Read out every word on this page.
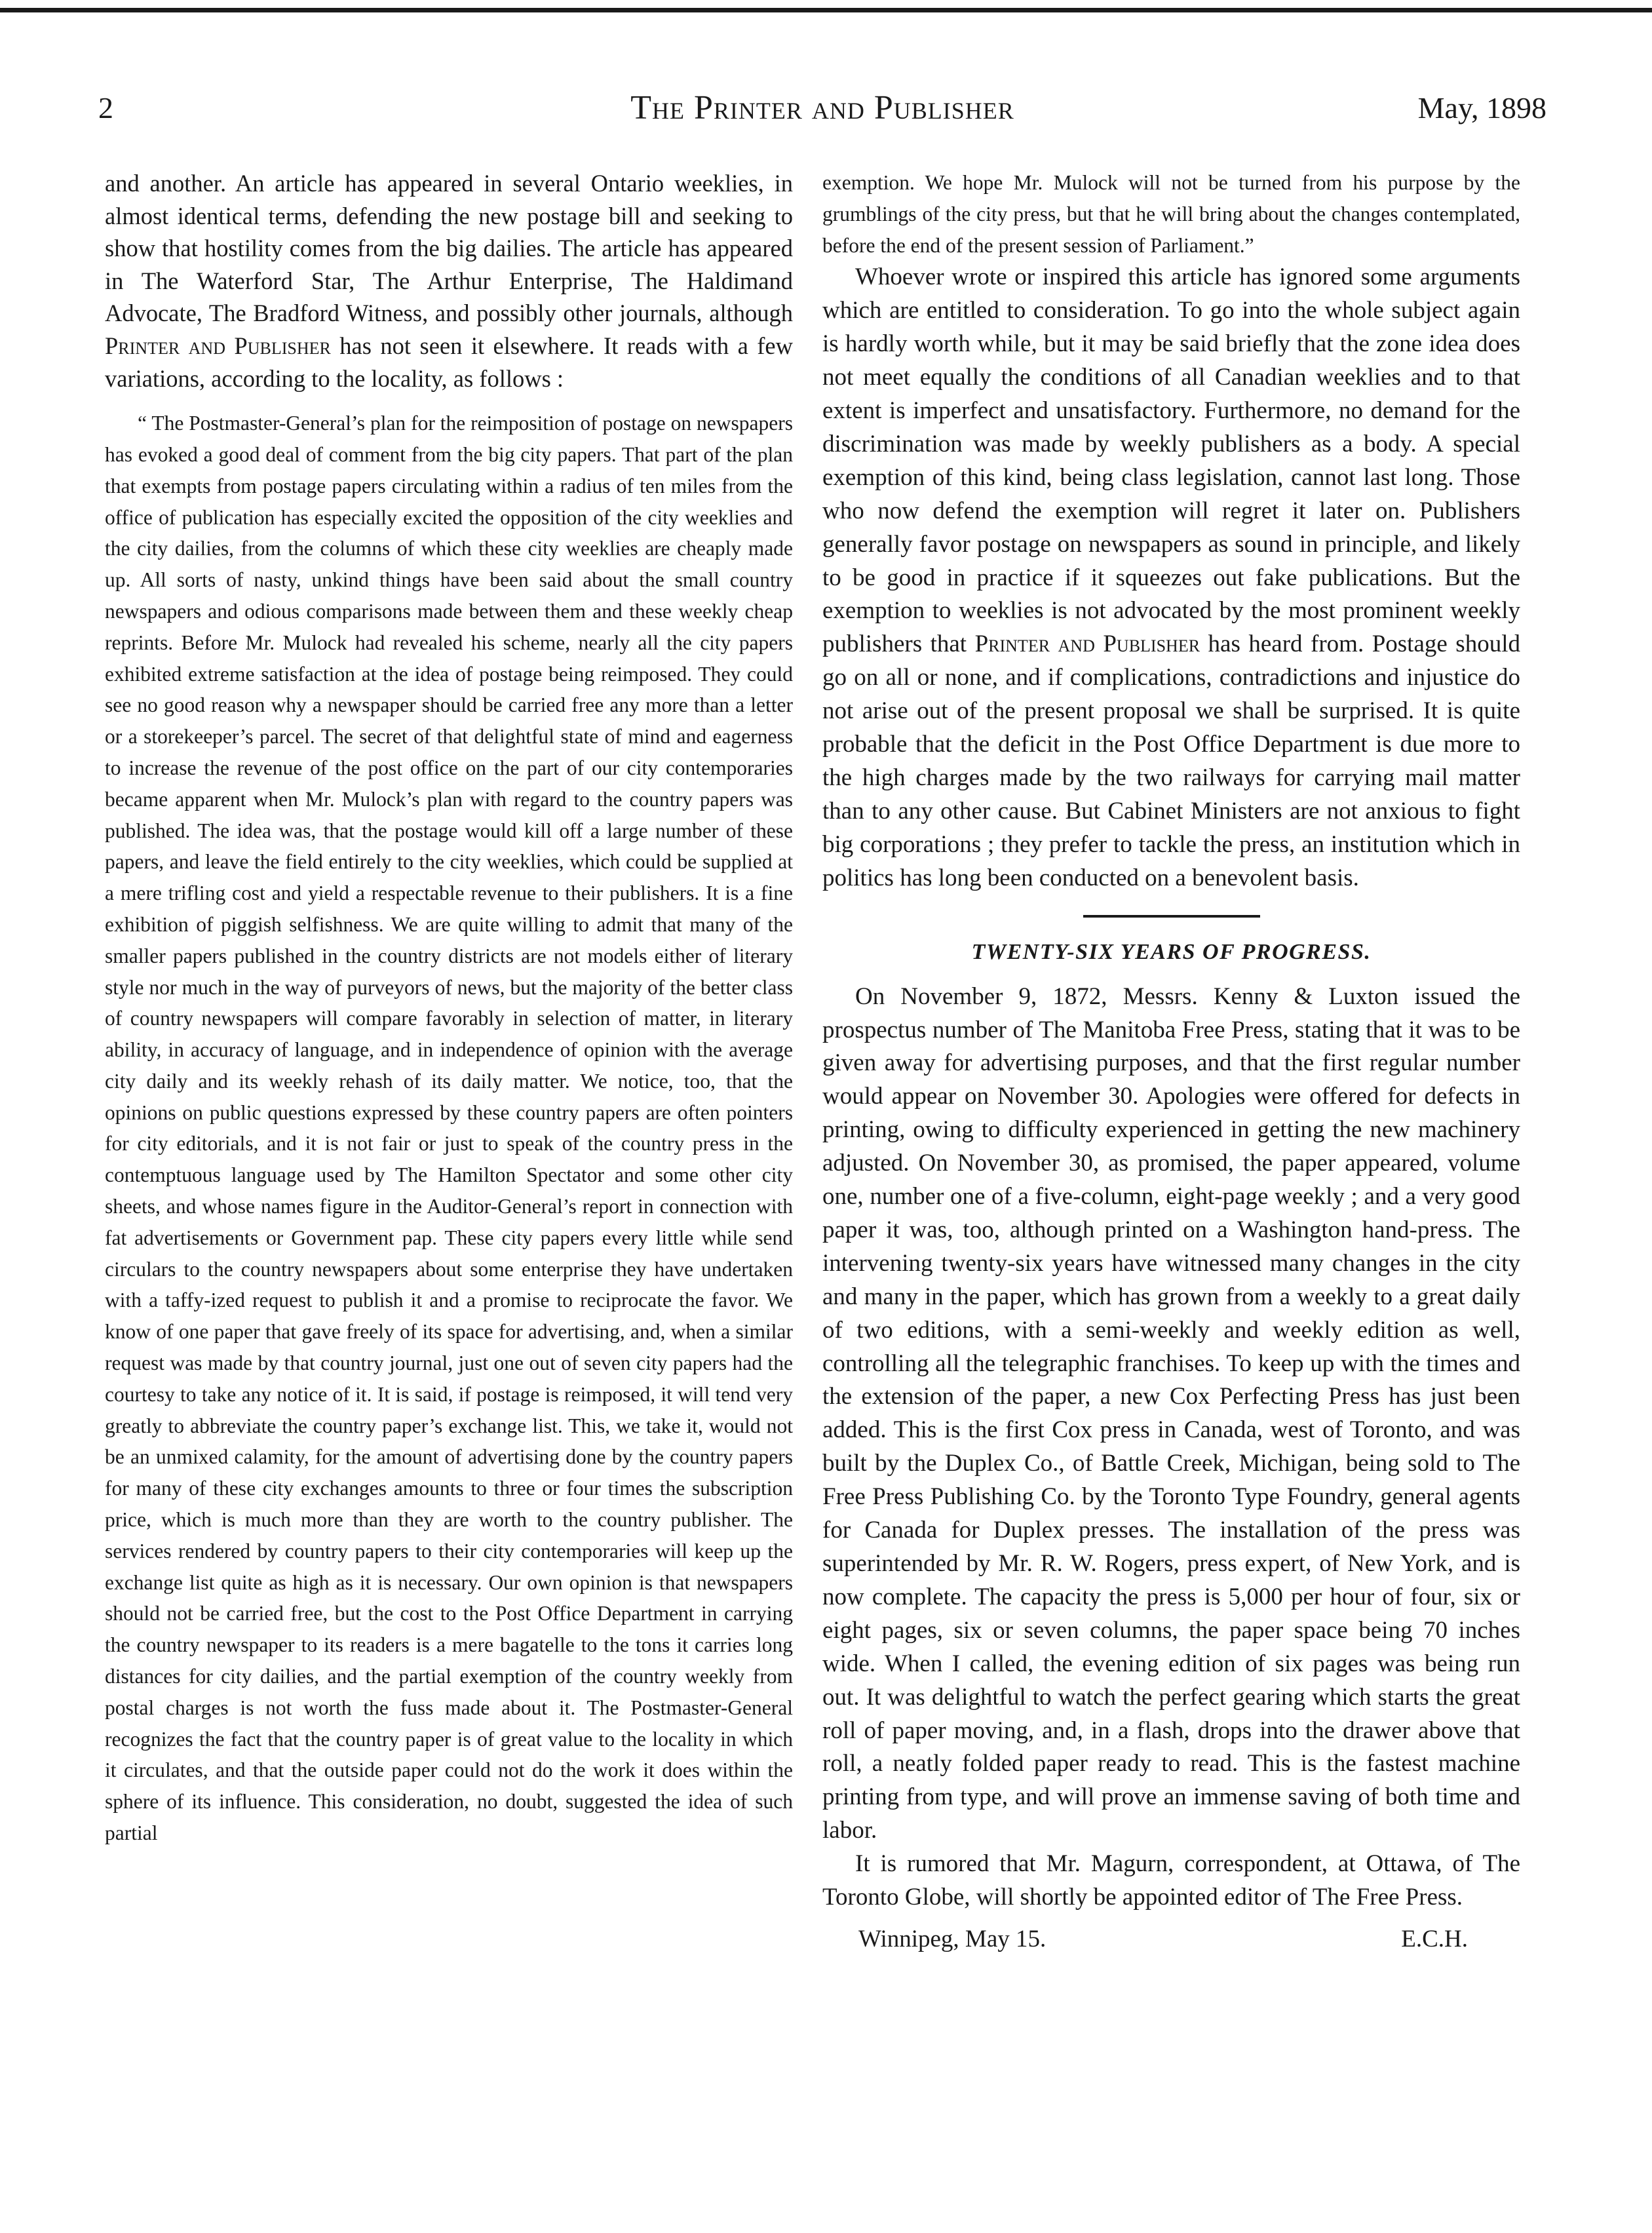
2	The Printer and Publisher	May, 1898

and another. An article has appeared in several Ontario weeklies, in almost identical terms, defending the new postage bill and seeking to show that hostility comes from the big dailies. The article has appeared in The Waterford Star, The Arthur Enterprise, The Haldimand Advocate, The Bradford Witness, and possibly other journals, although Printer and Publisher has not seen it elsewhere. It reads with a few variations, according to the locality, as follows :

“ The Postmaster-General’s plan for the reimposition of postage on newspapers has evoked a good deal of comment from the big city papers. That part of the plan that exempts from postage papers circulating within a radius of ten miles from the office of publication has especially excited the opposition of the city weeklies and the city dailies, from the columns of which these city weeklies are cheaply made up. All sorts of nasty, unkind things have been said about the small country newspapers and odious comparisons made between them and these weekly cheap reprints. Before Mr. Mulock had revealed his scheme, nearly all the city papers exhibited extreme satisfaction at the idea of postage being reimposed. They could see no good reason why a newspaper should be carried free any more than a letter or a storekeeper’s parcel. The secret of that delightful state of mind and eagerness to increase the revenue of the post office on the part of our city contemporaries became apparent when Mr. Mulock’s plan with regard to the country papers was published. The idea was, that the postage would kill off a large number of these papers, and leave the field entirely to the city weeklies, which could be supplied at a mere trifling cost and yield a respectable revenue to their publishers. It is a fine exhibition of piggish selfishness. We are quite willing to admit that many of the smaller papers published in the country districts are not models either of literary style nor much in the way of purveyors of news, but the majority of the better class of country newspapers will compare favorably in selection of matter, in literary ability, in accuracy of language, and in independence of opinion with the average city daily and its weekly rehash of its daily matter. We notice, too, that the opinions on public questions expressed by these country papers are often pointers for city editorials, and it is not fair or just to speak of the country press in the contemptuous language used by The Hamilton Spectator and some other city sheets, and whose names figure in the Auditor-General’s report in connection with fat advertisements or Government pap. These city papers every little while send circulars to the country newspapers about some enterprise they have undertaken with a taffy-ized request to publish it and a promise to reciprocate the favor. We know of one paper that gave freely of its space for advertising, and, when a similar request was made by that country journal, just one out of seven city papers had the courtesy to take any notice of it. It is said, if postage is reimposed, it will tend very greatly to abbreviate the country paper’s exchange list. This, we take it, would not be an unmixed calamity, for the amount of advertising done by the country papers for many of these city exchanges amounts to three or four times the subscription price, which is much more than they are worth to the country publisher. The services rendered by country papers to their city contemporaries will keep up the exchange list quite as high as it is necessary. Our own opinion is that newspapers should not be carried free, but the cost to the Post Office Department in carrying the country newspaper to its readers is a mere bagatelle to the tons it carries long distances for city dailies, and the partial exemption of the country weekly from postal charges is not worth the fuss made about it. The Postmaster-General recognizes the fact that the country paper is of great value to the locality in which it circulates, and that the outside paper could not do the work it does within the sphere of its influence. This consideration, no doubt, suggested the idea of such partial

exemption. We hope Mr. Mulock will not be turned from his purpose by the grumblings of the city press, but that he will bring about the changes contemplated, before the end of the present session of Parliament.”

Whoever wrote or inspired this article has ignored some arguments which are entitled to consideration. To go into the whole subject again is hardly worth while, but it may be said briefly that the zone idea does not meet equally the conditions of all Canadian weeklies and to that extent is imperfect and unsatisfactory. Furthermore, no demand for the discrimination was made by weekly publishers as a body. A special exemption of this kind, being class legislation, cannot last long. Those who now defend the exemption will regret it later on. Publishers generally favor postage on newspapers as sound in principle, and likely to be good in practice if it squeezes out fake publications. But the exemption to weeklies is not advocated by the most prominent weekly publishers that Printer and Publisher has heard from. Postage should go on all or none, and if complications, contradictions and injustice do not arise out of the present proposal we shall be surprised. It is quite probable that the deficit in the Post Office Department is due more to the high charges made by the two railways for carrying mail matter than to any other cause. But Cabinet Ministers are not anxious to fight big corporations ; they prefer to tackle the press, an institution which in politics has long been conducted on a benevolent basis.

TWENTY-SIX YEARS OF PROGRESS.

On November 9, 1872, Messrs. Kenny & Luxton issued the prospectus number of The Manitoba Free Press, stating that it was to be given away for advertising purposes, and that the first regular number would appear on November 30. Apologies were offered for defects in printing, owing to difficulty experienced in getting the new machinery adjusted. On November 30, as promised, the paper appeared, volume one, number one of a five-column, eight-page weekly ; and a very good paper it was, too, although printed on a Washington hand-press. The intervening twenty-six years have witnessed many changes in the city and many in the paper, which has grown from a weekly to a great daily of two editions, with a semi-weekly and weekly edition as well, controlling all the telegraphic franchises. To keep up with the times and the extension of the paper, a new Cox Perfecting Press has just been added. This is the first Cox press in Canada, west of Toronto, and was built by the Duplex Co., of Battle Creek, Michigan, being sold to The Free Press Publishing Co. by the Toronto Type Foundry, general agents for Canada for Duplex presses. The installation of the press was superintended by Mr. R. W. Rogers, press expert, of New York, and is now complete. The capacity the press is 5,000 per hour of four, six or eight pages, six or seven columns, the paper space being 70 inches wide. When I called, the evening edition of six pages was being run out. It was delightful to watch the perfect gearing which starts the great roll of paper moving, and, in a flash, drops into the drawer above that roll, a neatly folded paper ready to read. This is the fastest machine printing from type, and will prove an immense saving of both time and labor.

It is rumored that Mr. Magurn, correspondent, at Ottawa, of The Toronto Globe, will shortly be appointed editor of The Free Press.

Winnipeg, May 15.	E.C.H.
